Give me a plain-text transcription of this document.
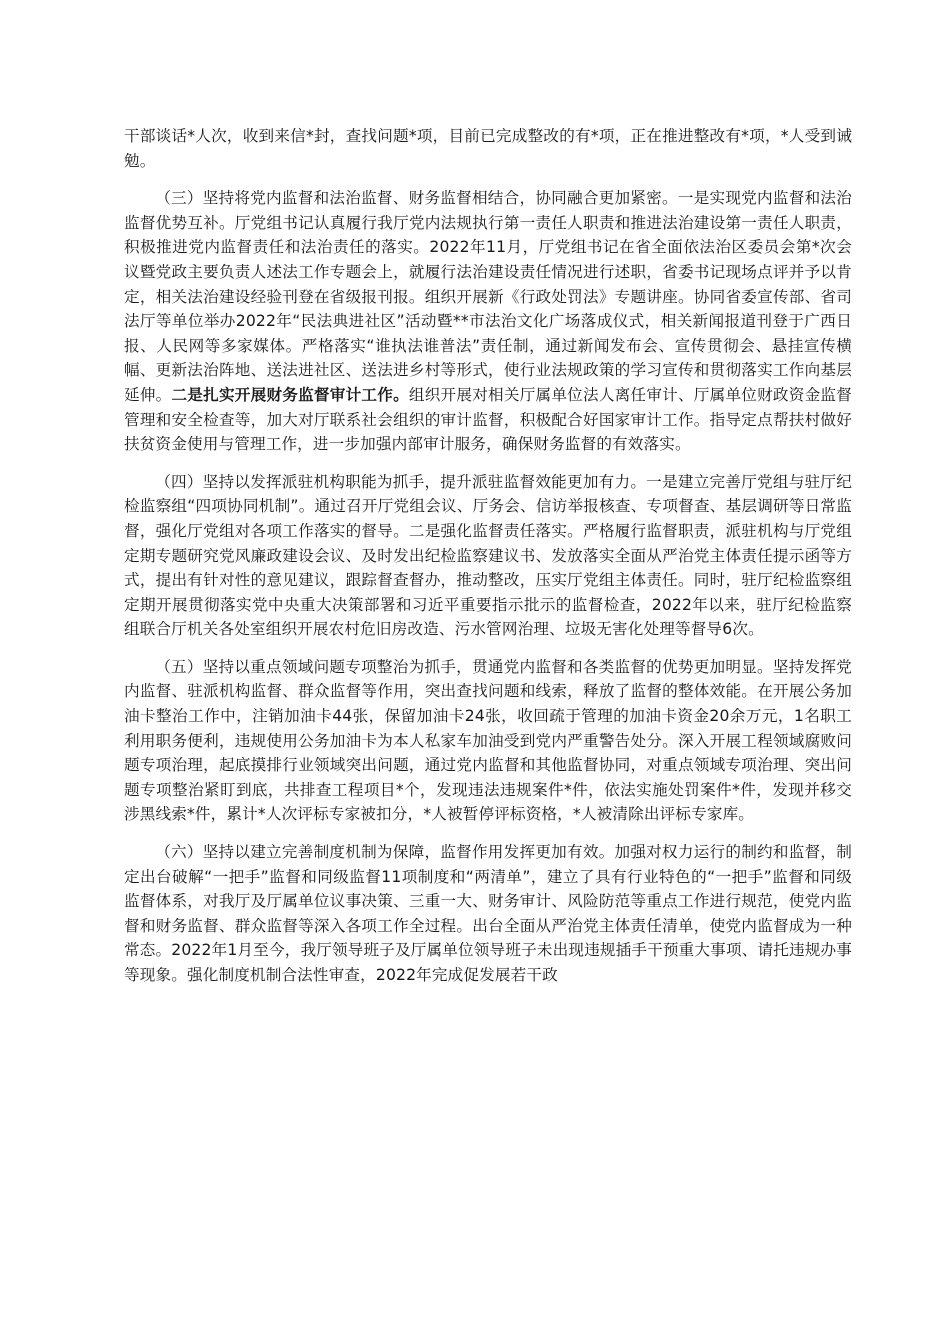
干部谈话*人次，收到来信*封，查找问题*项，目前已完成整改的有*项，正在推进整改有*项，*人受到诫勉。

（三）坚持将党内监督和法治监督、财务监督相结合，协同融合更加紧密。一是实现党内监督和法治监督优势互补。厅党组书记认真履行我厅党内法规执行第一责任人职责和推进法治建设第一责任人职责，积极推进党内监督责任和法治责任的落实。2022年11月，厅党组书记在省全面依法治区委员会第*次会议暨党政主要负责人述法工作专题会上，就履行法治建设责任情况进行述职，省委书记现场点评并予以肯定，相关法治建设经验刊登在省级报刊报。组织开展新《行政处罚法》专题讲座。协同省委宣传部、省司法厅等单位举办2022年“民法典进社区”活动暨**市法治文化广场落成仪式，相关新闻报道刊登于广西日报、人民网等多家媒体。严格落实“谁执法谁普法”责任制，通过新闻发布会、宣传贯彻会、悬挂宣传横幅、更新法治阵地、送法进社区、送法进乡村等形式，使行业法规政策的学习宣传和贯彻落实工作向基层延伸。二是扎实开展财务监督审计工作。组织开展对相关厅属单位法人离任审计、厅属单位财政资金监督管理和安全检查等，加大对厅联系社会组织的审计监督，积极配合好国家审计工作。指导定点帮扶村做好扶贫资金使用与管理工作，进一步加强内部审计服务，确保财务监督的有效落实。

（四）坚持以发挥派驻机构职能为抓手，提升派驻监督效能更加有力。一是建立完善厅党组与驻厅纪检监察组“四项协同机制”。通过召开厅党组会议、厅务会、信访举报核查、专项督查、基层调研等日常监督，强化厅党组对各项工作落实的督导。二是强化监督责任落实。严格履行监督职责，派驻机构与厅党组定期专题研究党风廉政建设会议、及时发出纪检监察建议书、发放落实全面从严治党主体责任提示函等方式，提出有针对性的意见建议，跟踪督查督办，推动整改，压实厅党组主体责任。同时，驻厅纪检监察组定期开展贯彻落实党中央重大决策部署和习近平重要指示批示的监督检查，2022年以来，驻厅纪检监察组联合厅机关各处室组织开展农村危旧房改造、污水管网治理、垃圾无害化处理等督导6次。

（五）坚持以重点领域问题专项整治为抓手，贯通党内监督和各类监督的优势更加明显。坚持发挥党内监督、驻派机构监督、群众监督等作用，突出查找问题和线索，释放了监督的整体效能。在开展公务加油卡整治工作中，注销加油卡44张，保留加油卡24张，收回疏于管理的加油卡资金20余万元，1名职工利用职务便利，违规使用公务加油卡为本人私家车加油受到党内严重警告处分。深入开展工程领域腐败问题专项治理，起底摸排行业领域突出问题，通过党内监督和其他监督协同，对重点领域专项治理、突出问题专项整治紧盯到底，共排查工程项目*个，发现违法违规案件*件，依法实施处罚案件*件，发现并移交涉黑线索*件，累计*人次评标专家被扣分，*人被暂停评标资格，*人被清除出评标专家库。

（六）坚持以建立完善制度机制为保障，监督作用发挥更加有效。加强对权力运行的制约和监督，制定出台破解“一把手”监督和同级监督11项制度和“两清单”，建立了具有行业特色的“一把手”监督和同级监督体系，对我厅及厅属单位议事决策、三重一大、财务审计、风险防范等重点工作进行规范，使党内监督和财务监督、群众监督等深入各项工作全过程。出台全面从严治党主体责任清单，使党内监督成为一种常态。2022年1月至今，我厅领导班子及厅属单位领导班子未出现违规插手干预重大事项、请托违规办事等现象。强化制度机制合法性审查，2022年完成促发展若干政
